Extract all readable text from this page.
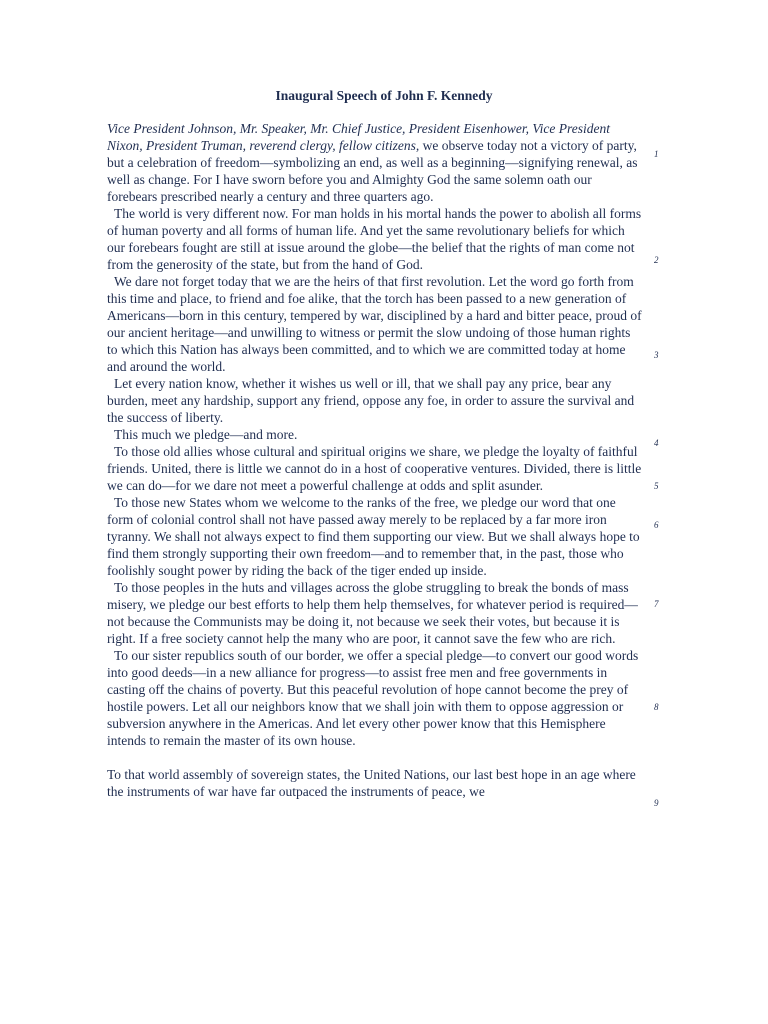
Inaugural Speech of John F. Kennedy

Vice President Johnson, Mr. Speaker, Mr. Chief Justice, President Eisenhower, Vice President Nixon, President Truman, reverend clergy, fellow citizens, we observe today not a victory of party, but a celebration of freedom—symbolizing an end, as well as a beginning—signifying renewal, as well as change. For I have sworn before you and Almighty God the same solemn oath our forebears prescribed nearly a century and three quarters ago.

The world is very different now. For man holds in his mortal hands the power to abolish all forms of human poverty and all forms of human life. And yet the same revolutionary beliefs for which our forebears fought are still at issue around the globe—the belief that the rights of man come not from the generosity of the state, but from the hand of God.

We dare not forget today that we are the heirs of that first revolution. Let the word go forth from this time and place, to friend and foe alike, that the torch has been passed to a new generation of Americans—born in this century, tempered by war, disciplined by a hard and bitter peace, proud of our ancient heritage—and unwilling to witness or permit the slow undoing of those human rights to which this Nation has always been committed, and to which we are committed today at home and around the world.

Let every nation know, whether it wishes us well or ill, that we shall pay any price, bear any burden, meet any hardship, support any friend, oppose any foe, in order to assure the survival and the success of liberty.

This much we pledge—and more.

To those old allies whose cultural and spiritual origins we share, we pledge the loyalty of faithful friends. United, there is little we cannot do in a host of cooperative ventures. Divided, there is little we can do—for we dare not meet a powerful challenge at odds and split asunder.

To those new States whom we welcome to the ranks of the free, we pledge our word that one form of colonial control shall not have passed away merely to be replaced by a far more iron tyranny. We shall not always expect to find them supporting our view. But we shall always hope to find them strongly supporting their own freedom—and to remember that, in the past, those who foolishly sought power by riding the back of the tiger ended up inside.

To those peoples in the huts and villages across the globe struggling to break the bonds of mass misery, we pledge our best efforts to help them help themselves, for whatever period is required—not because the Communists may be doing it, not because we seek their votes, but because it is right. If a free society cannot help the many who are poor, it cannot save the few who are rich.

To our sister republics south of our border, we offer a special pledge—to convert our good words into good deeds—in a new alliance for progress—to assist free men and free governments in casting off the chains of poverty. But this peaceful revolution of hope cannot become the prey of hostile powers. Let all our neighbors know that we shall join with them to oppose aggression or subversion anywhere in the Americas. And let every other power know that this Hemisphere intends to remain the master of its own house.

To that world assembly of sovereign states, the United Nations, our last best hope in an age where the instruments of war have far outpaced the instruments of peace, we

1
2
3
4
5
6
7
8
9
